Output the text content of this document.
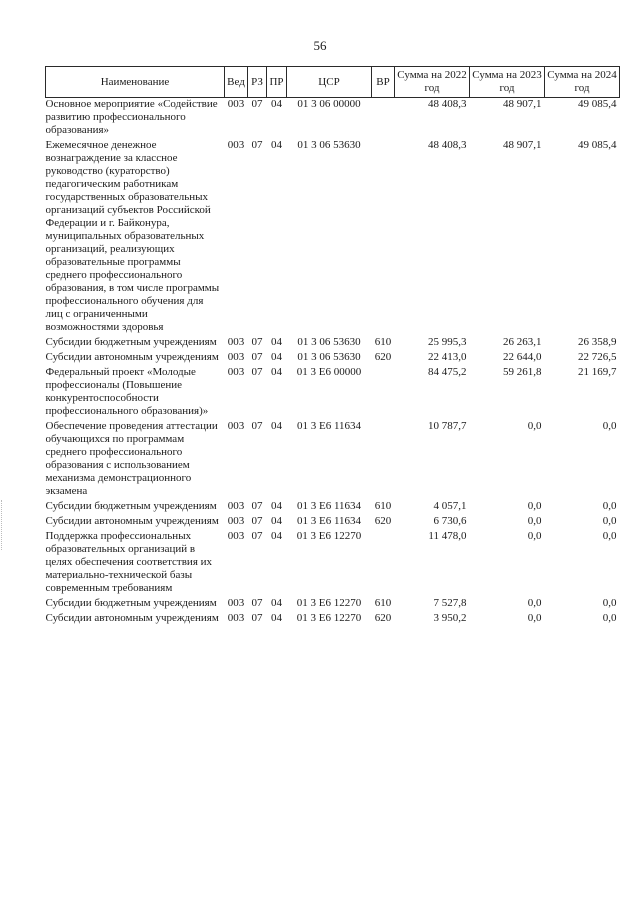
56
Наименование	Вед	РЗ	ПР	ЦСР	ВР	Сумма на 2022 год	Сумма на 2023 год	Сумма на 2024 год
Основное мероприятие «Содействие развитию профессионального образования»	003	07	04	01 3 06 00000		48 408,3	48 907,1	49 085,4
Ежемесячное денежное вознаграждение за классное руководство (кураторство) педагогическим работникам государственных образовательных организаций субъектов Российской Федерации и г. Байконура, муниципальных образовательных организаций, реализующих образовательные программы среднего профессионального образования, в том числе программы профессионального обучения для лиц с ограниченными возможностями здоровья	003	07	04	01 3 06 53630		48 408,3	48 907,1	49 085,4
Субсидии бюджетным учреждениям	003	07	04	01 3 06 53630	610	25 995,3	26 263,1	26 358,9
Субсидии автономным учреждениям	003	07	04	01 3 06 53630	620	22 413,0	22 644,0	22 726,5
Федеральный проект «Молодые профессионалы (Повышение конкурентоспособности профессионального образования)»	003	07	04	01 3 Е6 00000		84 475,2	59 261,8	21 169,7
Обеспечение проведения аттестации обучающихся по программам среднего профессионального образования с использованием механизма демонстрационного экзамена	003	07	04	01 3 Е6 11634		10 787,7	0,0	0,0
Субсидии бюджетным учреждениям	003	07	04	01 3 Е6 11634	610	4 057,1	0,0	0,0
Субсидии автономным учреждениям	003	07	04	01 3 Е6 11634	620	6 730,6	0,0	0,0
Поддержка профессиональных образовательных организаций в целях обеспечения соответствия их материально-технической базы современным требованиям	003	07	04	01 3 Е6 12270		11 478,0	0,0	0,0
Субсидии бюджетным учреждениям	003	07	04	01 3 Е6 12270	610	7 527,8	0,0	0,0
Субсидии автономным учреждениям	003	07	04	01 3 Е6 12270	620	3 950,2	0,0	0,0
